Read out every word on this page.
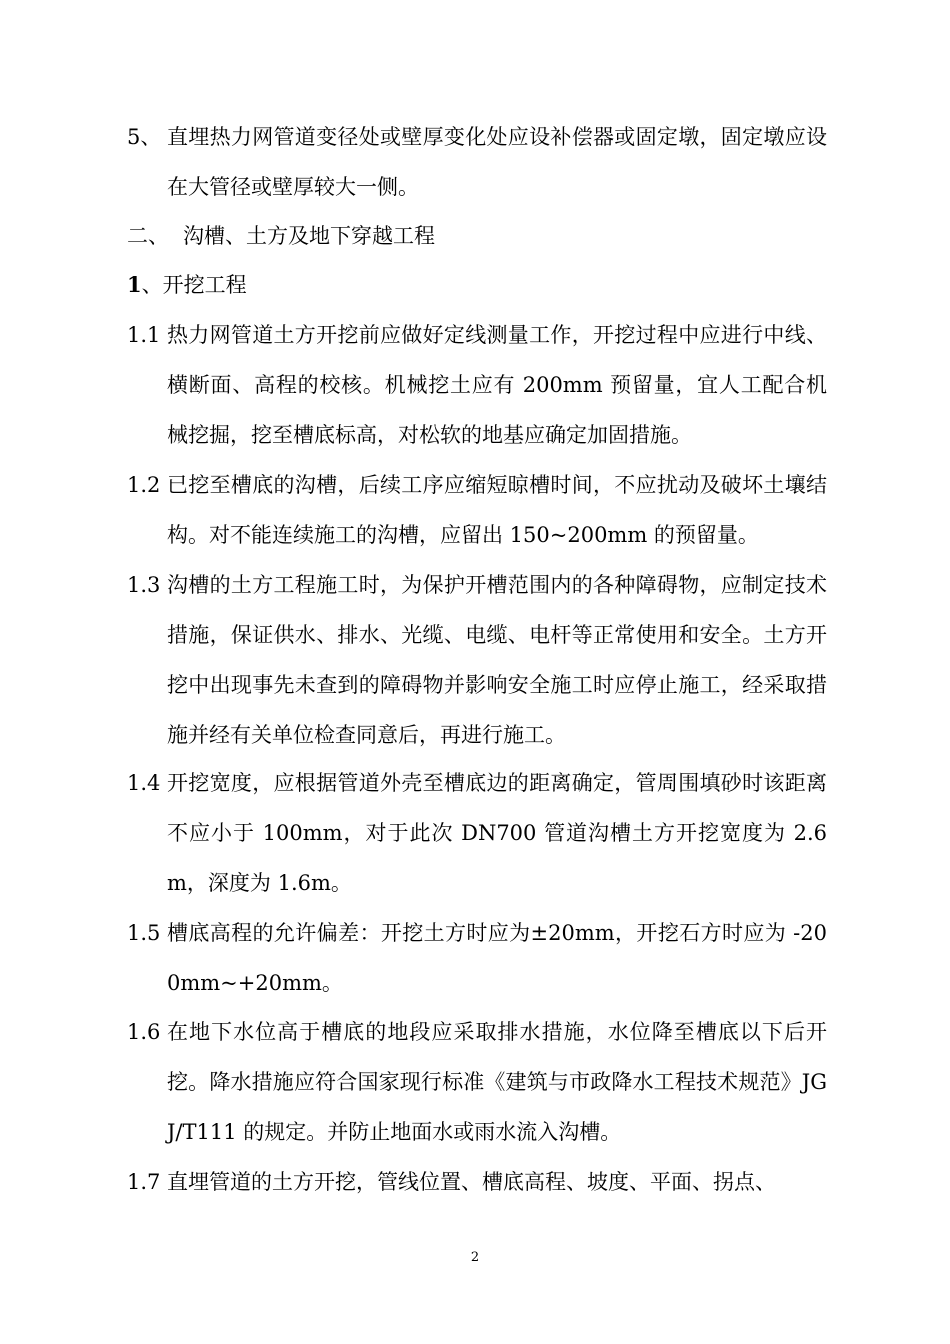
5、 直埋热力网管道变径处或壁厚变化处应设补偿器或固定墩，固定墩应设在大管径或壁厚较大一侧。
二、 沟槽、土方及地下穿越工程
1、开挖工程
1.1 热力网管道土方开挖前应做好定线测量工作，开挖过程中应进行中线、横断面、高程的校核。机械挖土应有 200mm 预留量，宜人工配合机械挖掘，挖至槽底标高，对松软的地基应确定加固措施。
1.2 已挖至槽底的沟槽，后续工序应缩短晾槽时间，不应扰动及破坏土壤结构。对不能连续施工的沟槽，应留出 150~200mm 的预留量。
1.3 沟槽的土方工程施工时，为保护开槽范围内的各种障碍物，应制定技术措施，保证供水、排水、光缆、电缆、电杆等正常使用和安全。土方开挖中出现事先未查到的障碍物并影响安全施工时应停止施工，经采取措施并经有关单位检查同意后，再进行施工。
1.4 开挖宽度，应根据管道外壳至槽底边的距离确定，管周围填砂时该距离不应小于 100mm，对于此次 DN700 管道沟槽土方开挖宽度为 2.6m，深度为 1.6m。
1.5 槽底高程的允许偏差：开挖土方时应为±20mm，开挖石方时应为 -200mm~+20mm。
1.6 在地下水位高于槽底的地段应采取排水措施，水位降至槽底以下后开挖。降水措施应符合国家现行标准《建筑与市政降水工程技术规范》JGJ/T111 的规定。并防止地面水或雨水流入沟槽。
1.7 直埋管道的土方开挖，管线位置、槽底高程、坡度、平面、拐点、
2
